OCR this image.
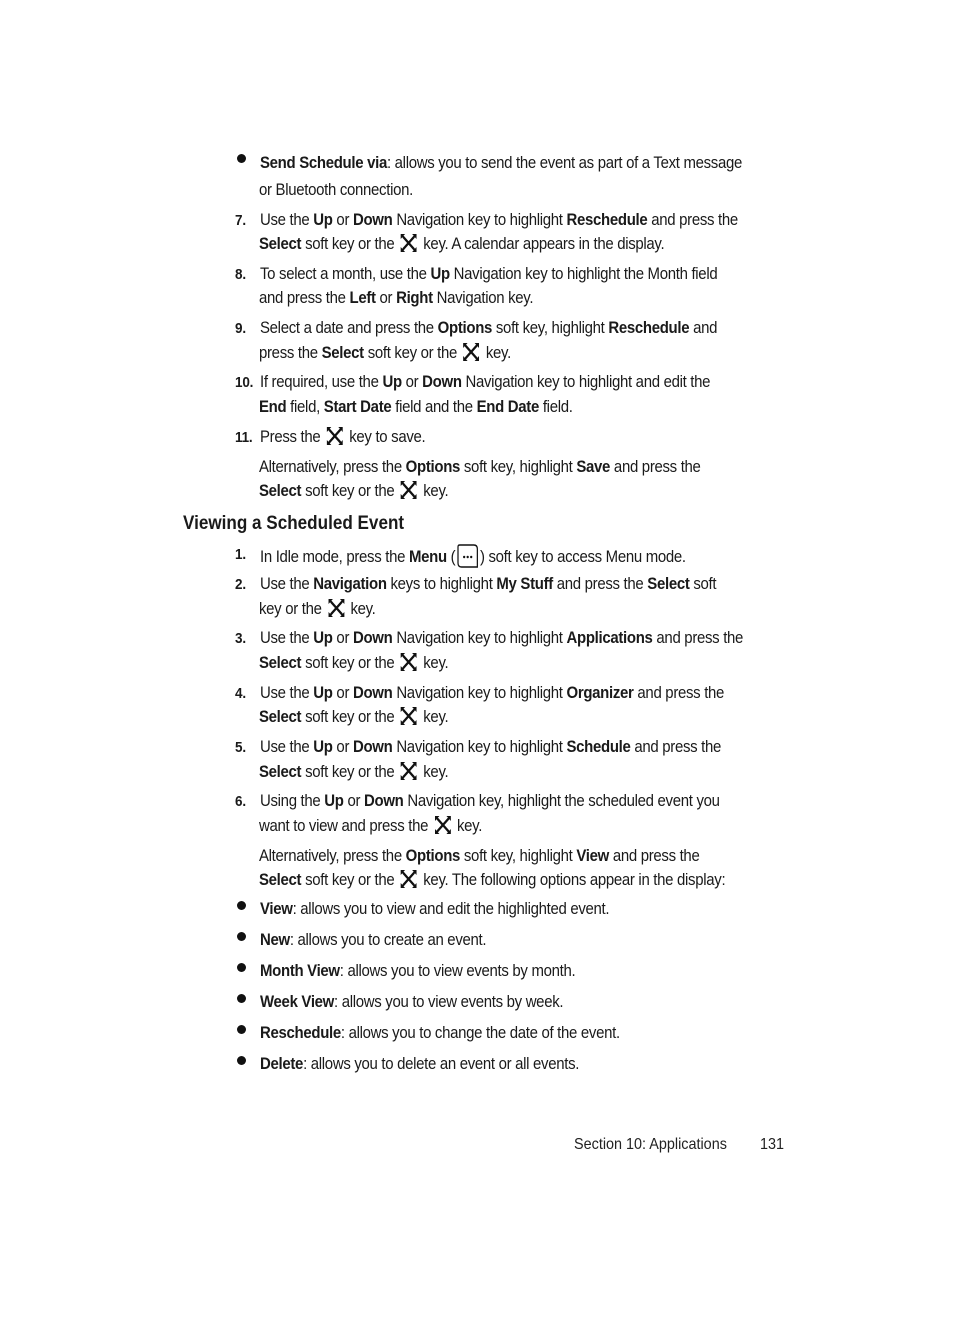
Send Schedule via: allows you to send the event as part of a Text message
or Bluetooth connection.
7. Use the Up or Down Navigation key to highlight Reschedule and press the
Select soft key or the  key. A calendar appears in the display.
8. To select a month, use the Up Navigation key to highlight the Month field
and press the Left or Right Navigation key.
9. Select a date and press the Options soft key, highlight Reschedule and
press the Select soft key or the  key.
10. If required, use the Up or Down Navigation key to highlight and edit the
End field, Start Date field and the End Date field.
11. Press the  key to save.
Alternatively, press the Options soft key, highlight Save and press the
Select soft key or the  key.
Viewing a Scheduled Event
1. In Idle mode, press the Menu ( ) soft key to access Menu mode.
2. Use the Navigation keys to highlight My Stuff and press the Select soft
key or the  key.
3. Use the Up or Down Navigation key to highlight Applications and press the
Select soft key or the  key.
4. Use the Up or Down Navigation key to highlight Organizer and press the
Select soft key or the  key.
5. Use the Up or Down Navigation key to highlight Schedule and press the
Select soft key or the  key.
6. Using the Up or Down Navigation key, highlight the scheduled event you
want to view and press the  key.
Alternatively, press the Options soft key, highlight View and press the
Select soft key or the  key. The following options appear in the display:
View: allows you to view and edit the highlighted event.
New: allows you to create an event.
Month View: allows you to view events by month.
Week View: allows you to view events by week.
Reschedule: allows you to change the date of the event.
Delete: allows you to delete an event or all events.
Section 10: Applications 131
